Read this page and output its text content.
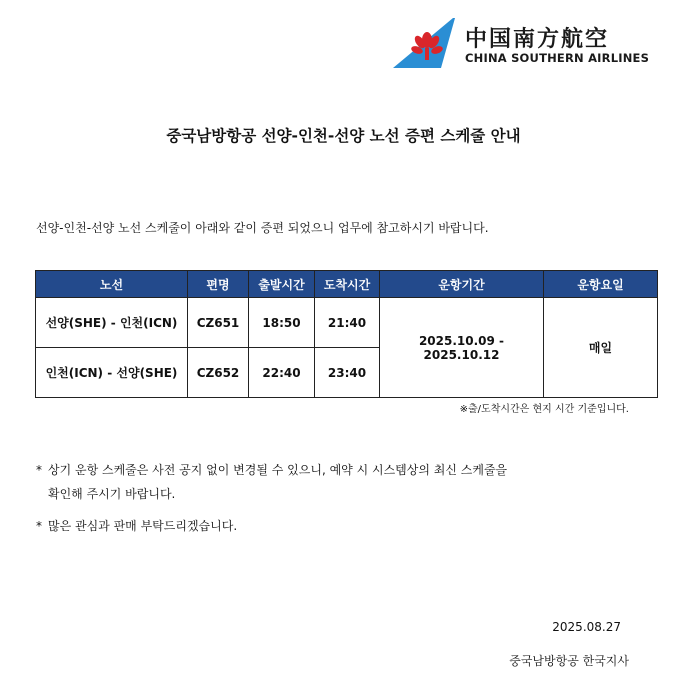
中国南方航空
CHINA SOUTHERN AIRLINES
중국남방항공 선양-인천-선양 노선 증편 스케줄 안내
선양-인천-선양 노선 스케줄이 아래와 같이 증편 되었으니 업무에 참고하시기 바랍니다.
노선	편명	출발시간	도착시간	운항기간	운항요일
선양(SHE) - 인천(ICN)	CZ651	18:50	21:40	2025.10.09 - 2025.10.12	매일
인천(ICN) - 선양(SHE)	CZ652	22:40	23:40		
※출/도착시간은 현지 시간 기준입니다.
* 상기 운항 스케줄은 사전 공지 없이 변경될 수 있으니, 예약 시 시스템상의 최신 스케줄을
확인해 주시기 바랍니다.
* 많은 관심과 판매 부탁드리겠습니다.
2025.08.27
중국남방항공 한국지사
